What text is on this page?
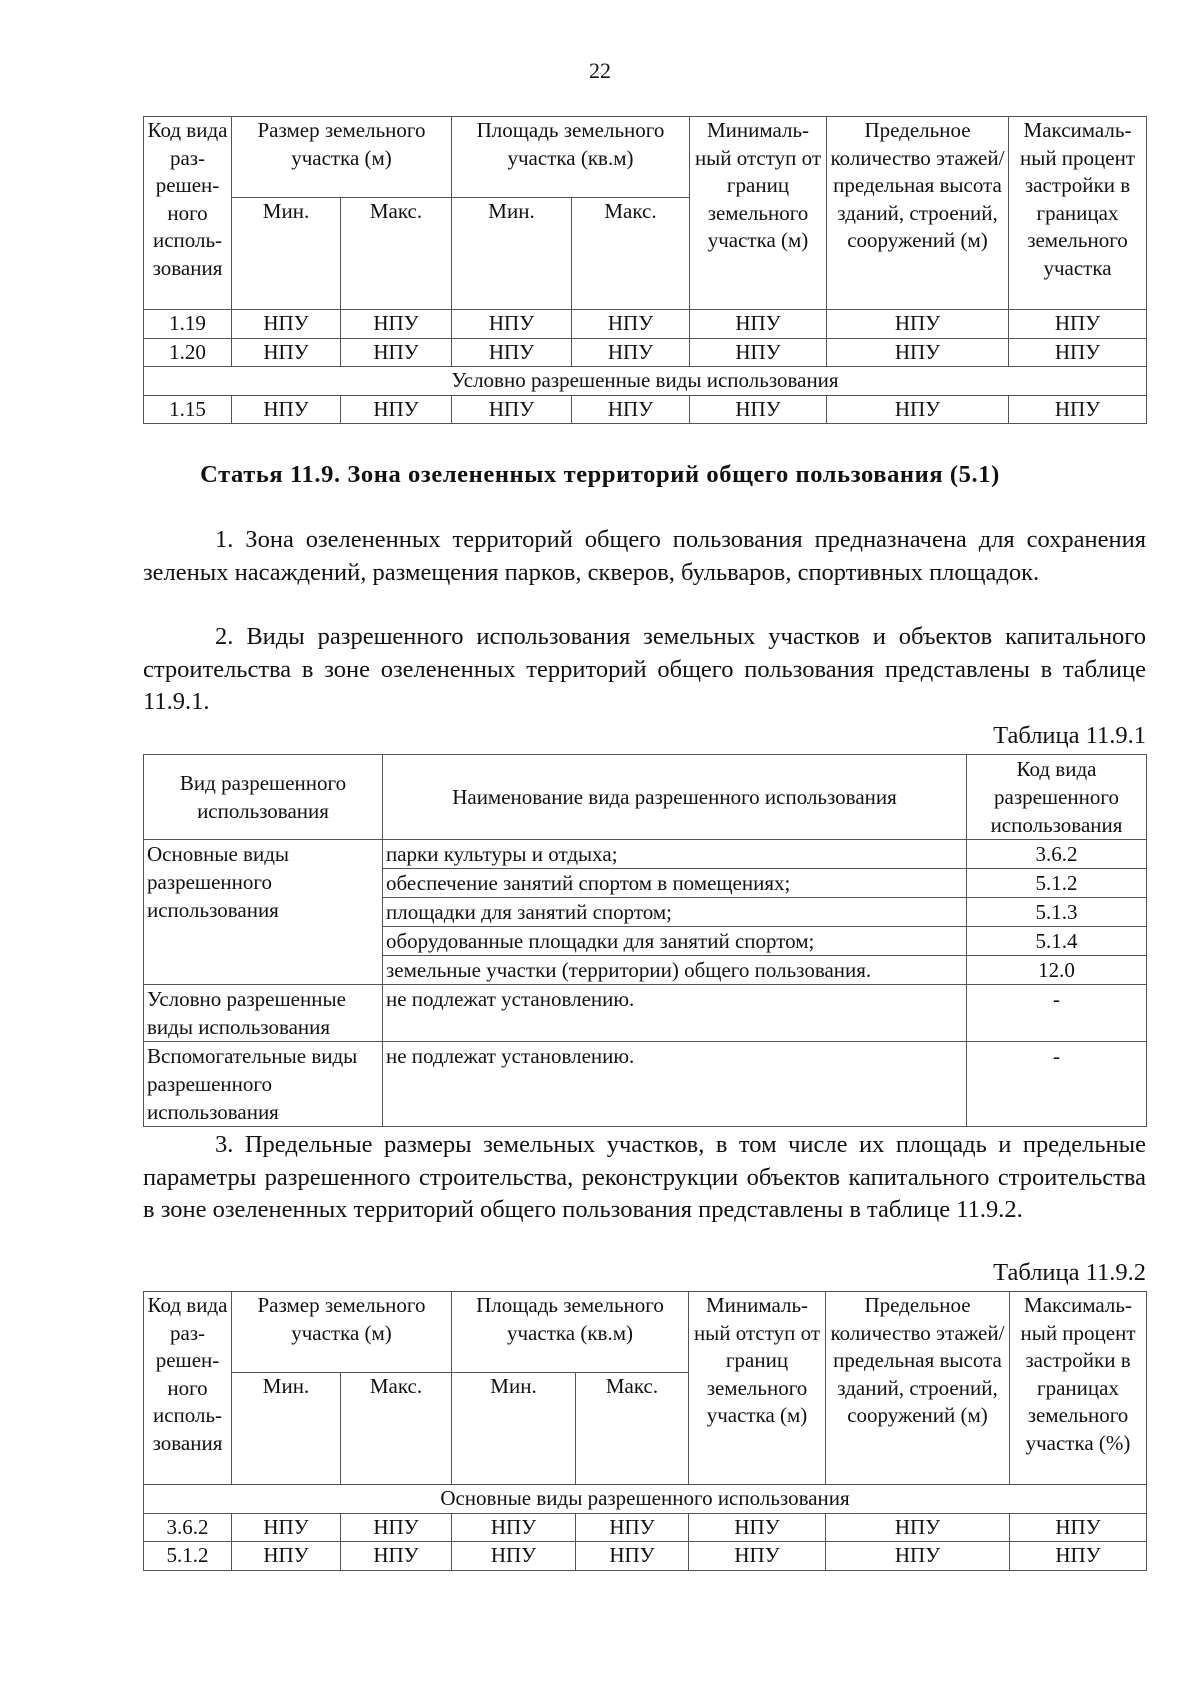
22
Код вида раз-решен-ного исполь-зования	Размер земельного участка (м)		Площадь земельного участка (кв.м)		Минималь-ный отступ от границ земельного участка (м)	Предельное количество этажей/ предельная высота зданий, строений, сооружений (м)	Максималь-ный процент застройки в границах земельного участка
	Мин.	Макс.	Мин.	Макс.			
1.19	НПУ	НПУ	НПУ	НПУ	НПУ	НПУ	НПУ
1.20	НПУ	НПУ	НПУ	НПУ	НПУ	НПУ	НПУ
Условно разрешенные виды использования							
1.15	НПУ	НПУ	НПУ	НПУ	НПУ	НПУ	НПУ
Статья 11.9. Зона озелененных территорий общего пользования (5.1)

1. Зона озелененных территорий общего пользования предназначена для сохранения зеленых насаждений, размещения парков, скверов, бульваров, спортивных площадок.

2. Виды разрешенного использования земельных участков и объектов капитального строительства в зоне озелененных территорий общего пользования представлены в таблице 11.9.1.

Таблица 11.9.1
Вид разрешенного использования	Наименование вида разрешенного использования	Код вида разрешенного использования
Основные виды разрешенного использования	парки культуры и отдыха;	3.6.2
	обеспечение занятий спортом в помещениях;	5.1.2
	площадки для занятий спортом;	5.1.3
	оборудованные площадки для занятий спортом;	5.1.4
	земельные участки (территории) общего пользования.	12.0
Условно разрешенные виды использования	не подлежат установлению.	-
Вспомогательные виды разрешенного использования	не подлежат установлению.	-

3. Предельные размеры земельных участков, в том числе их площадь и предельные параметры разрешенного строительства, реконструкции объектов капитального строительства в зоне озелененных территорий общего пользования представлены в таблице 11.9.2.

Таблица 11.9.2
Код вида раз-решен-ного исполь-зования	Размер земельного участка (м)		Площадь земельного участка (кв.м)		Минималь-ный отступ от границ земельного участка (м)	Предельное количество этажей/ предельная высота зданий, строений, сооружений (м)	Максималь-ный процент застройки в границах земельного участка (%)
	Мин.	Макс.	Мин.	Макс.			
Основные виды разрешенного использования							
3.6.2	НПУ	НПУ	НПУ	НПУ	НПУ	НПУ	НПУ
5.1.2	НПУ	НПУ	НПУ	НПУ	НПУ	НПУ	НПУ
